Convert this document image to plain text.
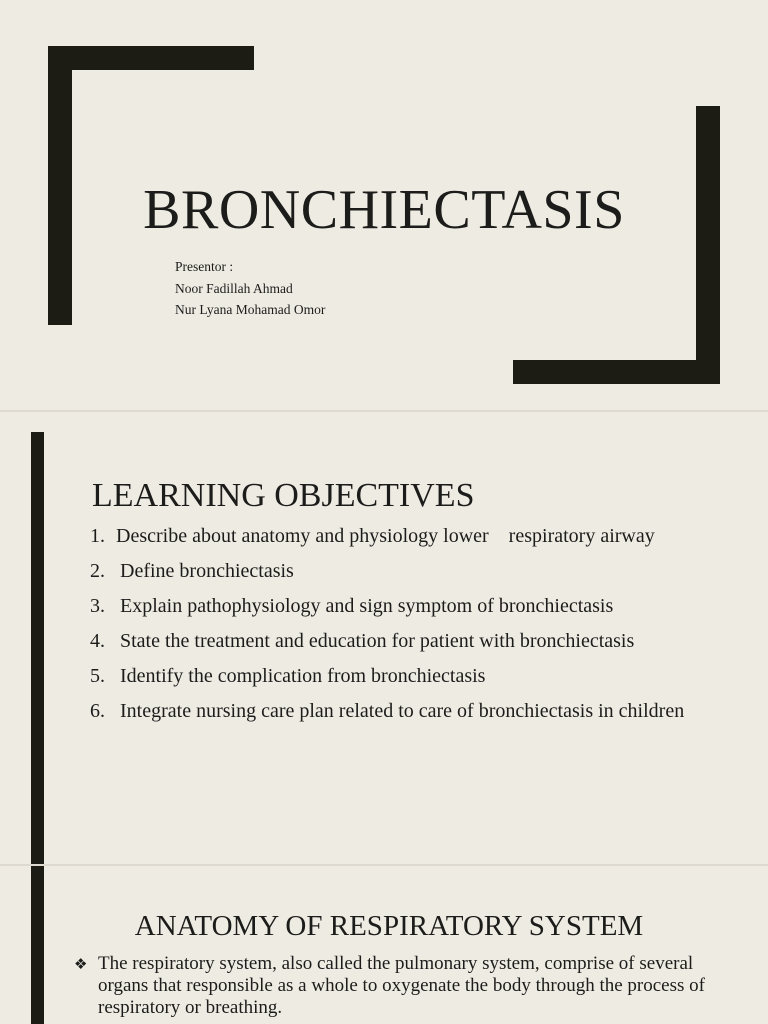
BRONCHIECTASIS
Presentor :
Noor Fadillah Ahmad
Nur Lyana Mohamad Omor
LEARNING OBJECTIVES
1. Describe about anatomy and physiology lower    respiratory airway
2. Define bronchiectasis
3. Explain pathophysiology and sign symptom of bronchiectasis
4. State the treatment and education for patient with bronchiectasis
5. Identify the complication from bronchiectasis
6. Integrate nursing care plan related to care of bronchiectasis in children
ANATOMY OF RESPIRATORY SYSTEM
❖ The respiratory system, also called the pulmonary system, comprise of several organs that responsible as a whole to oxygenate the body through the process of respiratory or breathing.
